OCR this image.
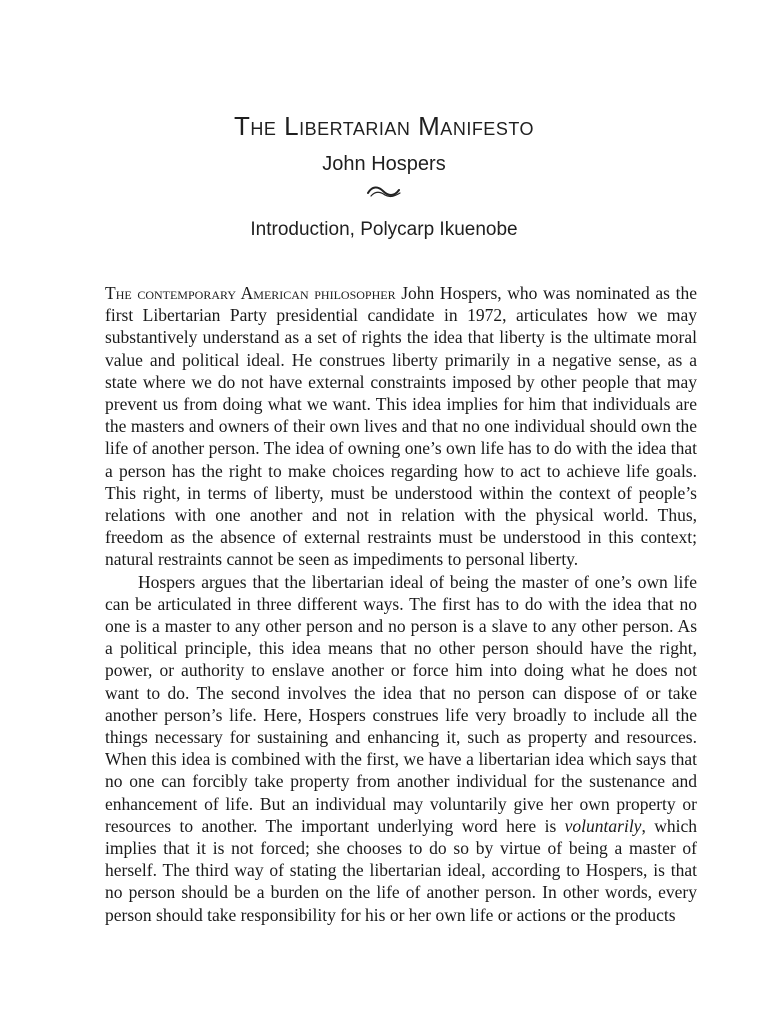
The Libertarian Manifesto
John Hospers
Introduction, Polycarp Ikuenobe

The contemporary American philosopher John Hospers, who was nominated as the first Libertarian Party presidential candidate in 1972, articulates how we may substantively understand as a set of rights the idea that liberty is the ultimate moral value and political ideal. He construes liberty primarily in a negative sense, as a state where we do not have external constraints imposed by other people that may prevent us from doing what we want. This idea implies for him that individuals are the masters and owners of their own lives and that no one individual should own the life of another person. The idea of owning one’s own life has to do with the idea that a person has the right to make choices regarding how to act to achieve life goals. This right, in terms of liberty, must be understood within the context of people’s relations with one another and not in relation with the physical world. Thus, freedom as the absence of external restraints must be understood in this context; natural restraints cannot be seen as impediments to personal liberty.

Hospers argues that the libertarian ideal of being the master of one’s own life can be articulated in three different ways. The first has to do with the idea that no one is a master to any other person and no person is a slave to any other person. As a political principle, this idea means that no other person should have the right, power, or authority to enslave another or force him into doing what he does not want to do. The second involves the idea that no person can dispose of or take another person’s life. Here, Hospers construes life very broadly to include all the things necessary for sustaining and enhancing it, such as property and resources. When this idea is combined with the first, we have a libertarian idea which says that no one can forcibly take property from another individual for the sustenance and enhancement of life. But an individual may voluntarily give her own property or resources to another. The important underlying word here is voluntarily, which implies that it is not forced; she chooses to do so by virtue of being a master of herself. The third way of stating the libertarian ideal, according to Hospers, is that no person should be a burden on the life of another person. In other words, every person should take responsibility for his or her own life or actions or the products
